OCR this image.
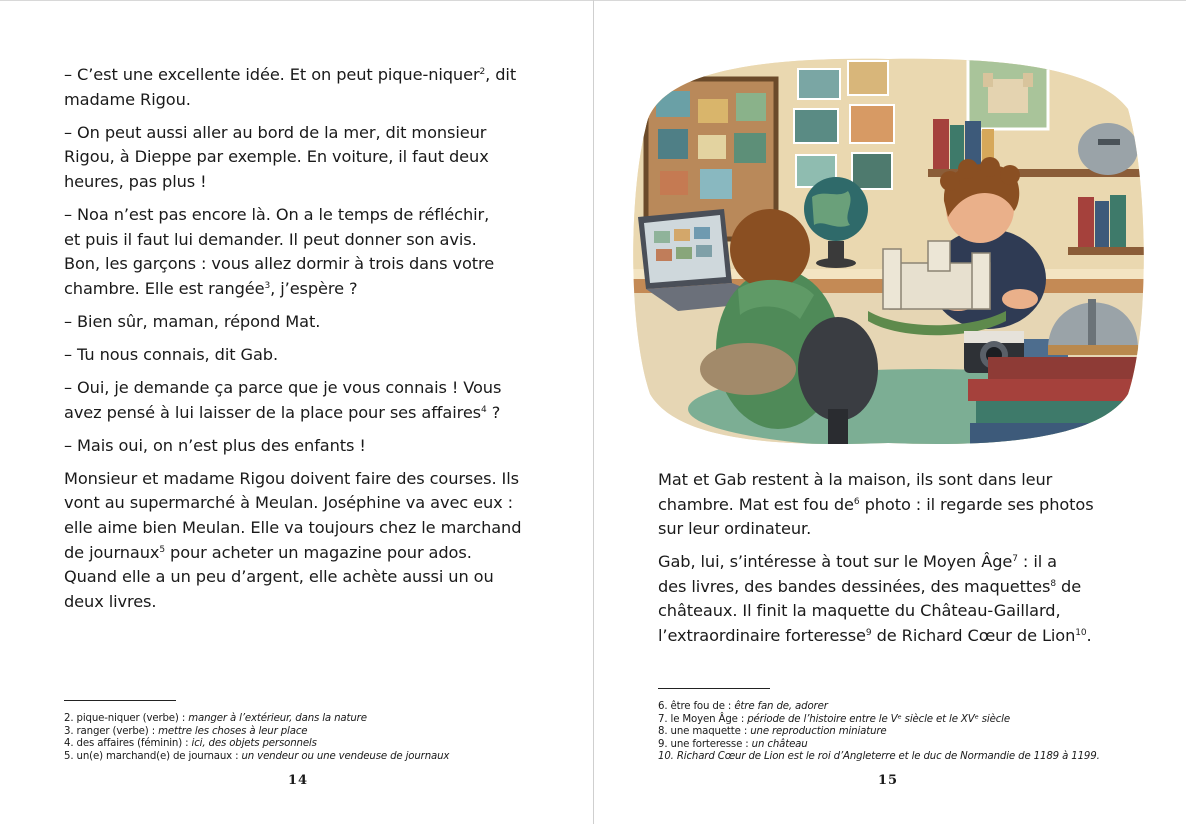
– C’est une excellente idée. Et on peut pique-niquer$^2$, dit
madame Rigou.

– On peut aussi aller au bord de la mer, dit monsieur
Rigou, à Dieppe par exemple. En voiture, il faut deux
heures, pas plus !

– Noa n’est pas encore là. On a le temps de réfléchir,
et puis il faut lui demander. Il peut donner son avis.
Bon, les garçons : vous allez dormir à trois dans votre
chambre. Elle est rangée$^3$, j’espère ?

– Bien sûr, maman, répond Mat.

– Tu nous connais, dit Gab.

– Oui, je demande ça parce que je vous connais ! Vous
avez pensé à lui laisser de la place pour ses affaires$^4$ ?

– Mais oui, on n’est plus des enfants !

Monsieur et madame Rigou doivent faire des courses. Ils
vont au supermarché à Meulan. Joséphine va avec eux :
elle aime bien Meulan. Elle va toujours chez le marchand
de journaux$^5$ pour acheter un magazine pour ados.
Quand elle a un peu d’argent, elle achète aussi un ou
deux livres.

2. pique-niquer (verbe) : manger à l’extérieur, dans la nature
3. ranger (verbe) : mettre les choses à leur place
4. des affaires (féminin) : ici, des objets personnels
5. un(e) marchand(e) de journaux : un vendeur ou une vendeuse de journaux
14

Mat et Gab restent à la maison, ils sont dans leur
chambre. Mat est fou $de^6$ photo : il regarde ses photos
sur leur ordinateur.

Gab, lui, s’intéresse à tout sur le Moyen Âge$^7$ : il a
des livres, des bandes dessinées, des maquettes$^8$ de
châteaux. Il finit la maquette du Château-Gaillard,
l’extraordinaire forteresse$^9$ de Richard Cœur de Lion$^{10}$.

6. être fou de : être fan de, adorer
7. le Moyen Âge : période de l’histoire entre le Vᵉ siècle et le XVᵉ siècle
8. une maquette : une reproduction miniature
9. une forteresse : un château
10. Richard Cœur de Lion est le roi d’Angleterre et le duc de Normandie de 1189 à 1199.
15
